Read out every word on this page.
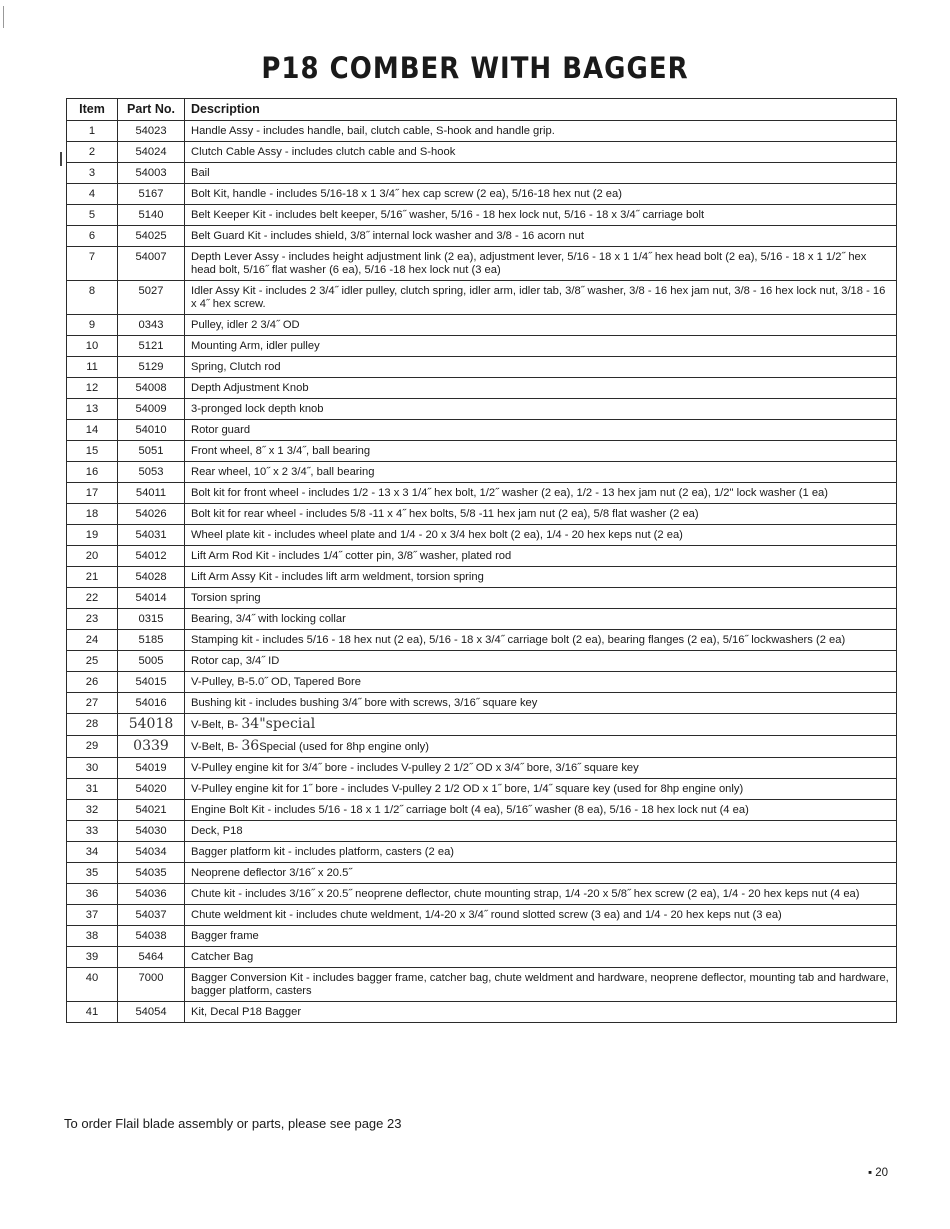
P18 COMBER WITH BAGGER
Item	Part No.	Description
1	54023	Handle Assy - includes handle, bail, clutch cable, S-hook and handle grip.
2	54024	Clutch Cable Assy - includes clutch cable and S-hook
3	54003	Bail
4	5167	Bolt Kit, handle - includes 5/16-18 x 1 3/4˝ hex cap screw (2 ea), 5/16-18 hex nut (2 ea)
5	5140	Belt Keeper Kit - includes belt keeper, 5/16˝ washer, 5/16 - 18 hex lock nut, 5/16 - 18 x 3/4˝ carriage bolt
6	54025	Belt Guard Kit - includes shield, 3/8˝ internal lock washer and 3/8 - 16 acorn nut
7	54007	Depth Lever Assy - includes height adjustment link (2 ea), adjustment lever, 5/16 - 18 x 1 1/4˝ hex head bolt (2 ea), 5/16 - 18 x 1 1/2˝ hex head bolt, 5/16˝ flat washer (6 ea), 5/16 -18 hex lock nut (3 ea)
8	5027	Idler Assy Kit - includes 2 3/4˝ idler pulley, clutch spring, idler arm, idler tab, 3/8˝ washer, 3/8 - 16 hex jam nut, 3/8 - 16 hex lock nut, 3/18 - 16 x 4˝ hex screw.
9	0343	Pulley, idler 2 3/4˝ OD
10	5121	Mounting Arm, idler pulley
11	5129	Spring, Clutch rod
12	54008	Depth Adjustment Knob
13	54009	3-pronged lock depth knob
14	54010	Rotor guard
15	5051	Front wheel, 8˝ x 1 3/4˝, ball bearing
16	5053	Rear wheel, 10˝ x 2 3/4˝, ball bearing
17	54011	Bolt kit for front wheel - includes 1/2 - 13 x 3 1/4˝ hex bolt, 1/2˝ washer (2 ea), 1/2 - 13 hex jam nut (2 ea), 1/2" lock washer (1 ea)
18	54026	Bolt kit for rear wheel - includes 5/8 -11 x 4˝ hex bolts, 5/8 -11 hex jam nut (2 ea), 5/8 flat washer (2 ea)
19	54031	Wheel plate kit - includes wheel plate and 1/4 - 20 x 3/4 hex bolt (2 ea), 1/4 - 20 hex keps nut (2 ea)
20	54012	Lift Arm Rod Kit - includes 1/4˝ cotter pin, 3/8˝ washer, plated rod
21	54028	Lift Arm Assy Kit - includes lift arm weldment, torsion spring
22	54014	Torsion spring
23	0315	Bearing, 3/4˝ with locking collar
24	5185	Stamping kit - includes 5/16 - 18 hex nut (2 ea), 5/16 - 18 x 3/4˝ carriage bolt (2 ea), bearing flanges (2 ea), 5/16˝ lockwashers (2 ea)
25	5005	Rotor cap, 3/4˝ ID
26	54015	V-Pulley, B-5.0˝ OD, Tapered Bore
27	54016	Bushing kit - includes bushing 3/4˝ bore with screws, 3/16˝ square key
28	54018	V-Belt, B- 34"special
29	0339	V-Belt, B- 36Special (used for 8hp engine only)
30	54019	V-Pulley engine kit for 3/4˝ bore - includes V-pulley 2 1/2˝ OD x 3/4˝ bore, 3/16˝ square key
31	54020	V-Pulley engine kit for 1˝ bore - includes V-pulley 2 1/2 OD x 1˝ bore, 1/4˝ square key (used for 8hp engine only)
32	54021	Engine Bolt Kit - includes 5/16 - 18 x 1 1/2˝ carriage bolt (4 ea), 5/16˝ washer (8 ea), 5/16 - 18 hex lock nut (4 ea)
33	54030	Deck, P18
34	54034	Bagger platform kit - includes platform, casters (2 ea)
35	54035	Neoprene deflector 3/16˝ x 20.5˝
36	54036	Chute kit - includes 3/16˝ x 20.5˝ neoprene deflector, chute mounting strap, 1/4 -20 x 5/8˝ hex screw (2 ea), 1/4 - 20 hex keps nut (4 ea)
37	54037	Chute weldment kit - includes chute weldment, 1/4-20 x 3/4˝ round slotted screw (3 ea) and 1/4 - 20 hex keps nut (3 ea)
38	54038	Bagger frame
39	5464	Catcher Bag
40	7000	Bagger Conversion Kit - includes bagger frame, catcher bag, chute weldment and hardware, neoprene deflector, mounting tab and hardware, bagger platform, casters
41	54054	Kit, Decal P18 Bagger
To order Flail blade assembly or parts, please see page 23
▪ 20
